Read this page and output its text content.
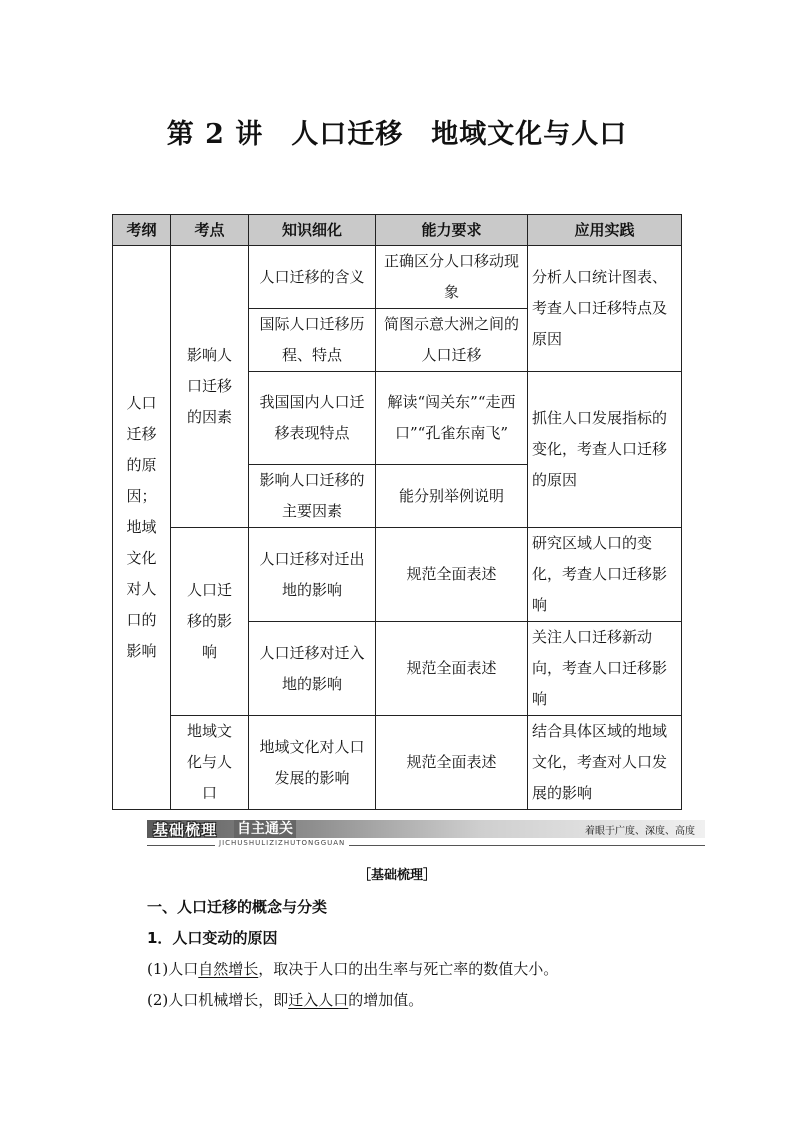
第 2 讲　人口迁移　地域文化与人口
考纲	考点	知识细化	能力要求	应用实践
人口迁移的原因；地域文化对人口的影响	影响人口迁移的因素	人口迁移的含义	正确区分人口移动现象	分析人口统计图表、考查人口迁移特点及原因
		国际人口迁移历程、特点	简图示意大洲之间的人口迁移	
		我国国内人口迁移表现特点	解读“闯关东”“走西口”“孔雀东南飞”	抓住人口发展指标的变化，考查人口迁移的原因
		影响人口迁移的主要因素	能分别举例说明	
	人口迁移的影响	人口迁移对迁出地的影响	规范全面表述	研究区域人口的变化，考查人口迁移影响
		人口迁移对迁入地的影响	规范全面表述	关注人口迁移新动向，考查人口迁移影响
	地域文化与人口	地域文化对人口发展的影响	规范全面表述	结合具体区域的地域文化，考查对人口发展的影响
基础梳理 自主通关
JICHUSHULIZIZHUTONGGUAN
着眼于广度、深度、高度
［基础梳理］
一、人口迁移的概念与分类
1．人口变动的原因
(1)人口自然增长，取决于人口的出生率与死亡率的数值大小。
(2)人口机械增长，即迁入人口的增加值。
